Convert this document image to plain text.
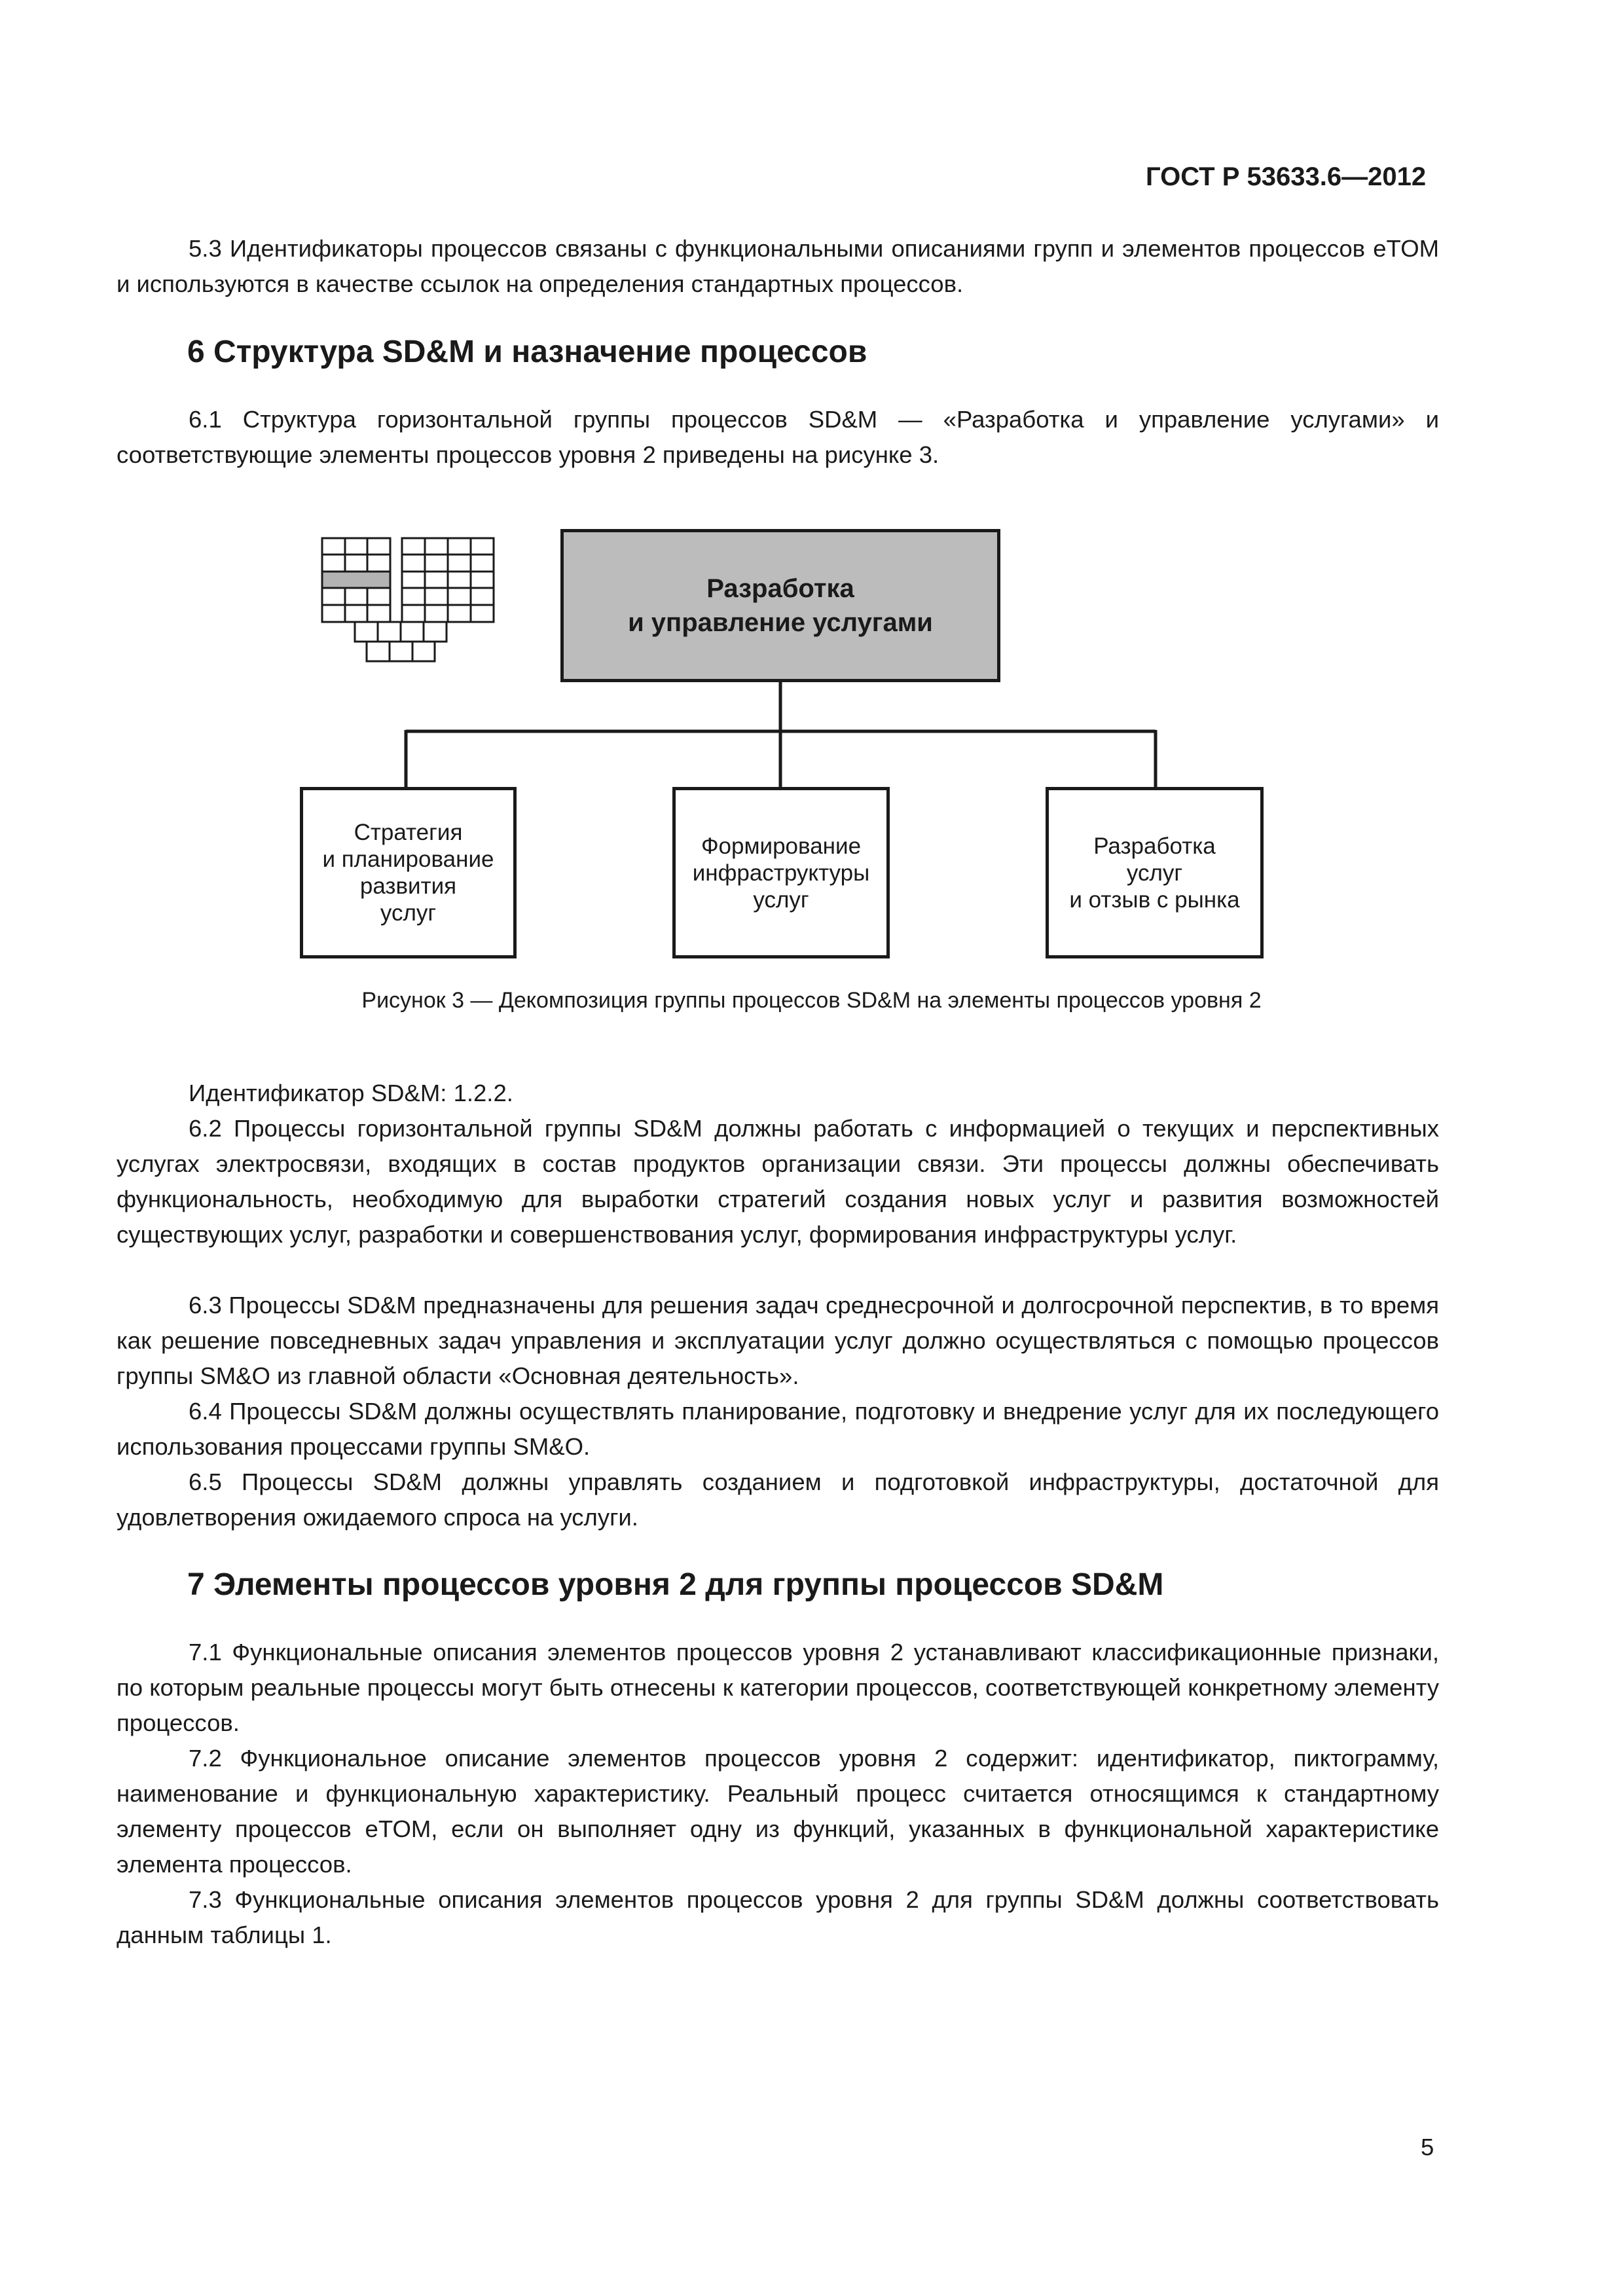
ГОСТ Р 53633.6—2012
5.3 Идентификаторы процессов связаны с функциональными описаниями групп и элементов процессов eTOM и используются в качестве ссылок на определения стандартных процессов.
6 Структура SD&M и назначение процессов
6.1 Структура горизонтальной группы процессов SD&M — «Разработка и управление услугами» и соответствующие элементы процессов уровня 2 приведены на рисунке 3.
Разработка
и управление услугами
Стратегия
и планирование
развития
услуг
Формирование
инфраструктуры
услуг
Разработка
услуг
и отзыв с рынка
Рисунок 3 — Декомпозиция группы процессов SD&M на элементы процессов уровня 2
Идентификатор SD&M: 1.2.2.
6.2 Процессы горизонтальной группы SD&M должны работать с информацией о текущих и перспективных услугах электросвязи, входящих в состав продуктов организации связи. Эти процессы должны обеспечивать функциональность, необходимую для выработки стратегий создания новых услуг и развития возможностей существующих услуг, разработки и совершенствования услуг, формирования инфраструктуры услуг.
6.3 Процессы SD&M предназначены для решения задач среднесрочной и долгосрочной перспектив, в то время как решение повседневных задач управления и эксплуатации услуг должно осуществляться с помощью процессов группы SM&O из главной области «Основная деятельность».
6.4 Процессы SD&M должны осуществлять планирование, подготовку и внедрение услуг для их последующего использования процессами группы SM&O.
6.5 Процессы SD&M должны управлять созданием и подготовкой инфраструктуры, достаточной для удовлетворения ожидаемого спроса на услуги.
7 Элементы процессов уровня 2 для группы процессов SD&M
7.1 Функциональные описания элементов процессов уровня 2 устанавливают классификационные признаки, по которым реальные процессы могут быть отнесены к категории процессов, соответствующей конкретному элементу процессов.
7.2 Функциональное описание элементов процессов уровня 2 содержит: идентификатор, пиктограмму, наименование и функциональную характеристику. Реальный процесс считается относящимся к стандартному элементу процессов eTOM, если он выполняет одну из функций, указанных в функциональной характеристике элемента процессов.
7.3 Функциональные описания элементов процессов уровня 2 для группы SD&M должны соответствовать данным таблицы 1.
5
